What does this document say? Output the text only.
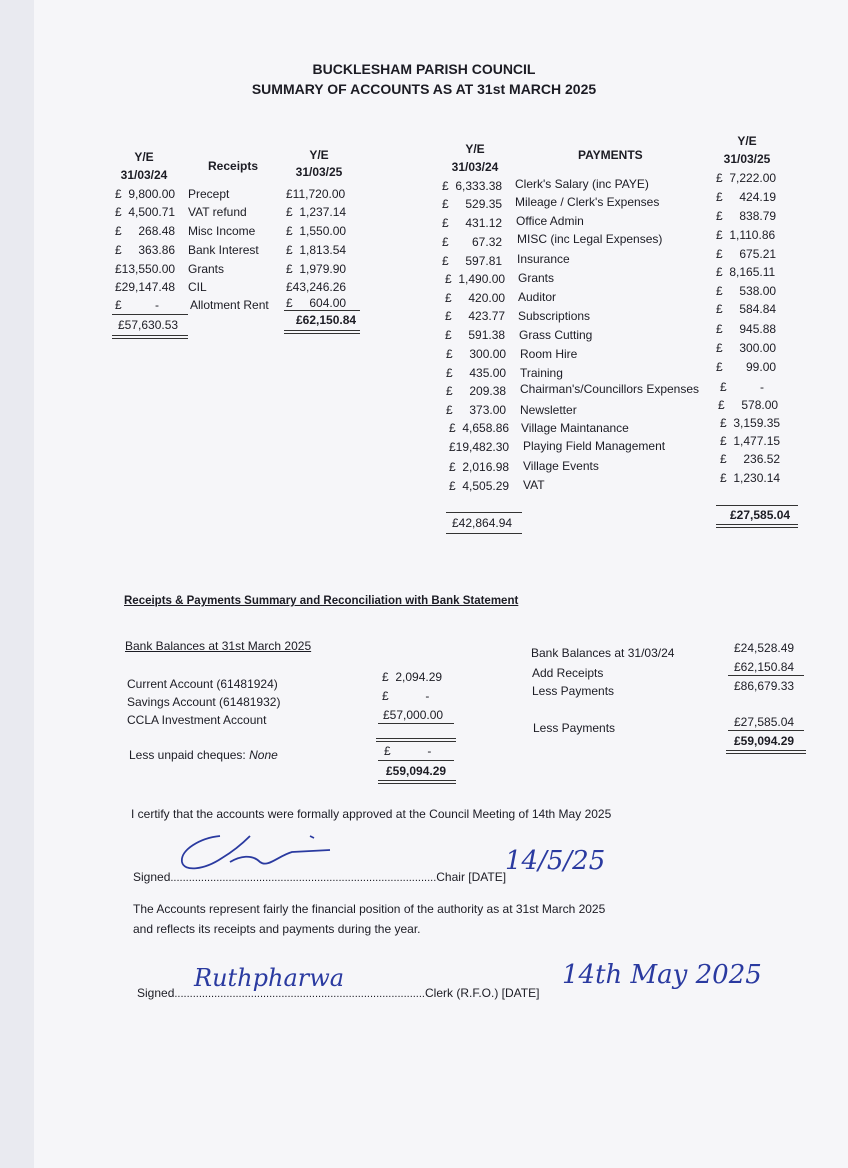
BUCKLESHAM PARISH COUNCIL
SUMMARY OF ACCOUNTS AS AT 31st MARCH 2025
Y/E
31/03/24
Receipts
Y/E
31/03/25
£  9,800.00 Precept	£11,720.00
£  4,500.71 VAT refund	£  1,237.14
£     268.48 Misc Income	£  1,550.00
£     363.86 Bank Interest £  1,813.54
£13,550.00 Grants	£  1,979.90
£29,147.48 CIL	£43,246.26
£          -	Allotment Rent £     604.00
£57,630.53	£62,150.84
Y/E
31/03/24
PAYMENTS
Y/E
31/03/25
£  6,333.38 Clerk's Salary (inc PAYE)	£  7,222.00
£     529.35 Mileage / Clerk's Expenses	£     424.19
£     431.12 Office Admin	£     838.79
£       67.32 MISC (inc Legal Expenses)	£  1,110.86
£     597.81 Insurance	£     675.21
£  1,490.00 Grants	£  8,165.11
£     420.00 Auditor	£     538.00
£     423.77 Subscriptions	£     584.84
£     591.38 Grass Cutting	£     945.88
£     300.00 Room Hire	£     300.00
£     435.00 Training	£       99.00
£     209.38 Chairman's/Councillors Expenses £          -
£     373.00 Newsletter	£     578.00
£  4,658.86 Village Maintanance	£  3,159.35
£19,482.30 Playing Field Management	£  1,477.15
£  2,016.98 Village Events	£     236.52
£  4,505.29 VAT	£  1,230.14
£42,864.94
£27,585.04
Receipts & Payments Summary and Reconciliation with Bank Statement
Bank Balances at 31st March 2025
Current Account (61481924)	£  2,094.29
Savings Account (61481932)	£           -
CCLA Investment Account	£57,000.00
Less unpaid cheques: None	£           -
£59,094.29
Bank Balances at 31/03/24	£24,528.49
Add Receipts	£62,150.84
Less Payments	£86,679.33
Less Payments	£27,585.04
£59,094.29
I certify that the accounts were formally approved at the Council Meeting of 14th May 2025
Signed.......................................................................................Chair [DATE]
14/5/25
The Accounts represent fairly the financial position of the authority as at 31st March 2025
and reflects its receipts and payments during the year.
Signed..................................................................................Clerk (R.F.O.) [DATE]
Ruthpharwa	14th May 2025
